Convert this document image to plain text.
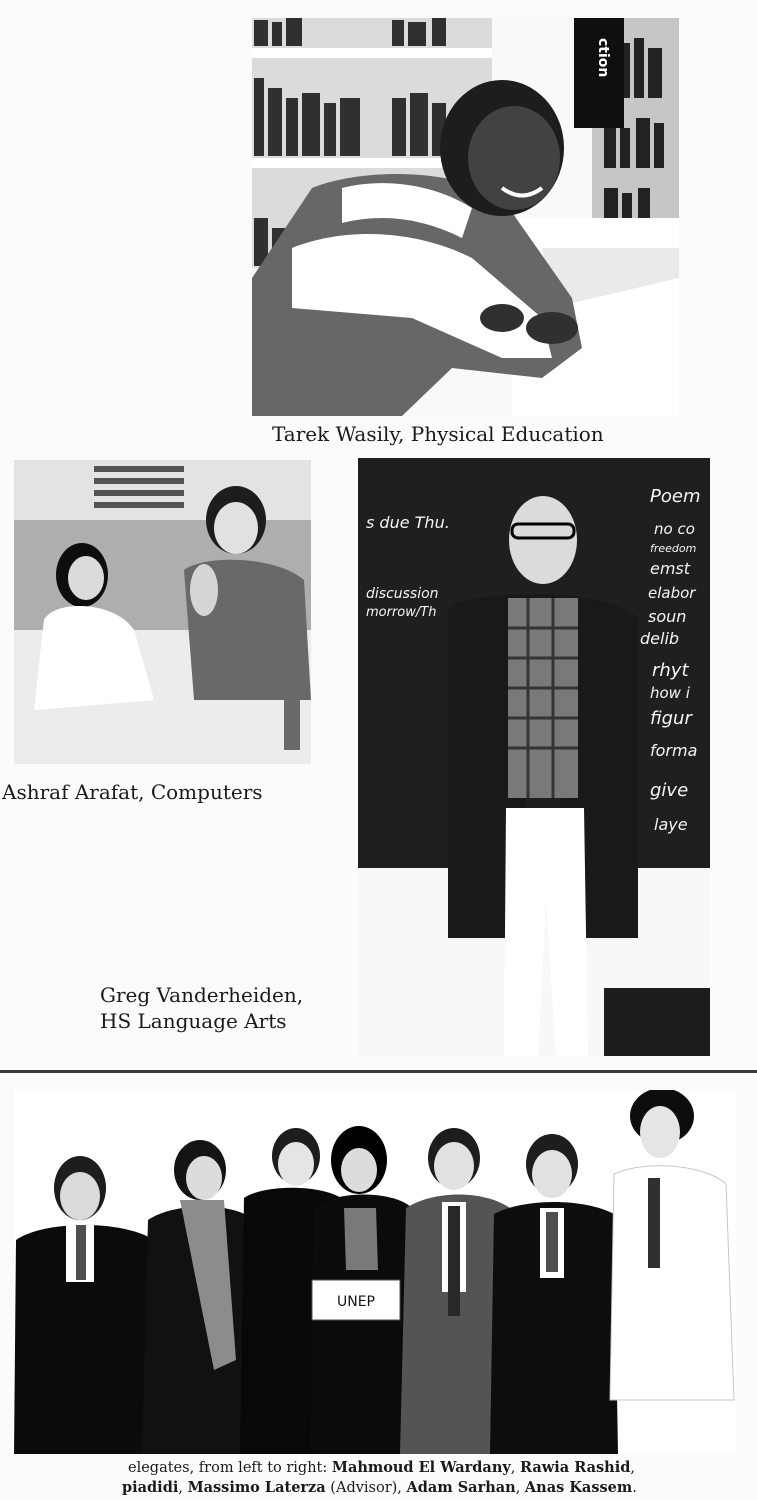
ction

Tarek Wasily, Physical Education

Ashraf Arafat, Computers

s due Thu.
discussion
morrow/Th
Poem
no co
freedom
emst
elabor
soun
delib
rhyt
how i
figur
forma
give
laye

Greg Vanderheiden,

HS Language Arts

UNEP

elegates, from left to right: Mahmoud El Wardany, Rawia Rashid,

piadidi, Massimo Laterza (Advisor), Adam Sarhan, Anas Kassem.
